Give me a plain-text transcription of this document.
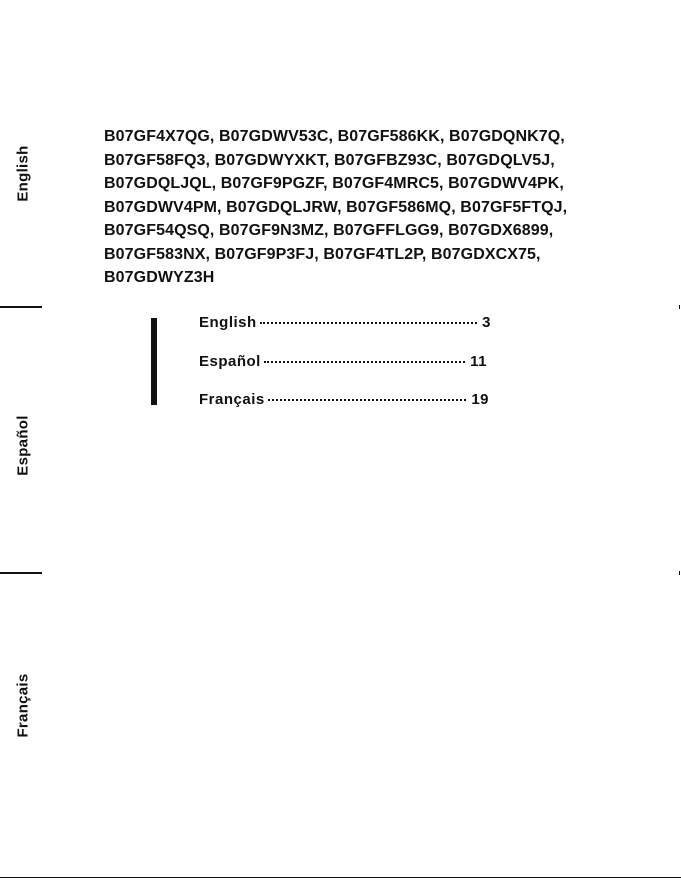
English
Español
Français
B07GF4X7QG, B07GDWV53C, B07GF586KK, B07GDQNK7Q,
B07GF58FQ3, B07GDWYXKT, B07GFBZ93C, B07GDQLV5J,
B07GDQLJQL, B07GF9PGZF, B07GF4MRC5, B07GDWV4PK,
B07GDWV4PM, B07GDQLJRW, B07GF586MQ, B07GF5FTQJ,
B07GF54QSQ, B07GF9N3MZ, B07GFFLGG9, B07GDX6899,
B07GF583NX, B07GF9P3FJ, B07GF4TL2P, B07GDXCX75,
B07GDWYZ3H
English	3
Español	11
Français	19
